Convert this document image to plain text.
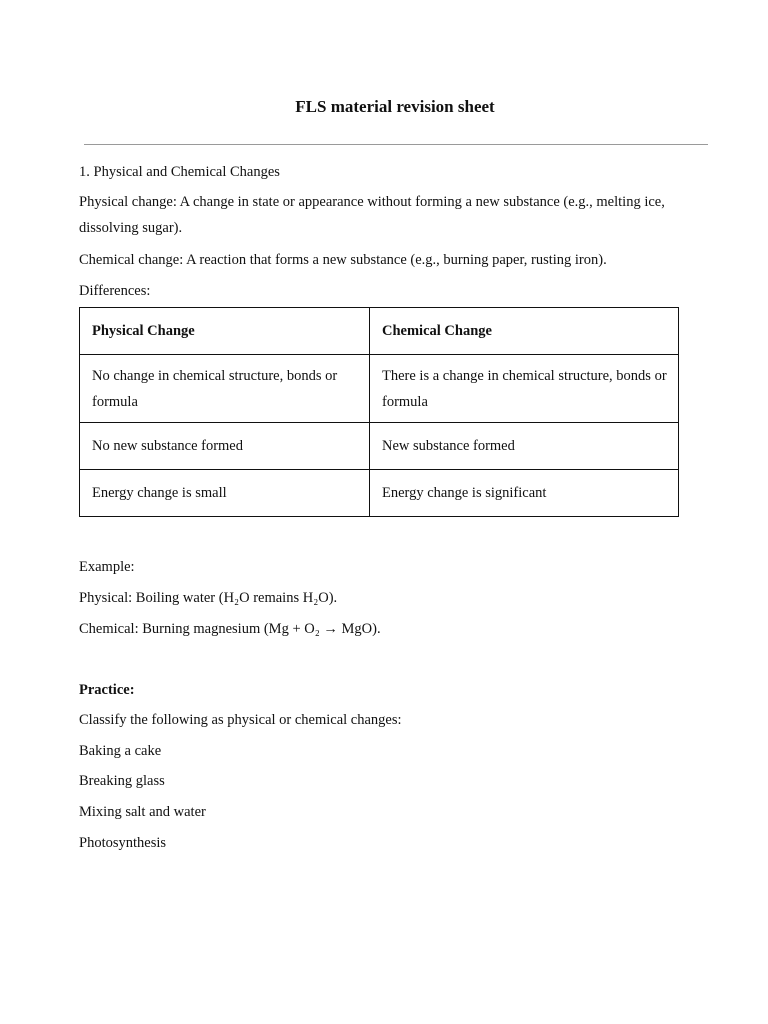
FLS material revision sheet
1. Physical and Chemical Changes
Physical change: A change in state or appearance without forming a new substance (e.g., melting ice, dissolving sugar).
Chemical change: A reaction that forms a new substance (e.g., burning paper, rusting iron).
Differences:
Physical Change	Chemical Change
No change in chemical structure, bonds or formula	There is a change in chemical structure, bonds or
formula

No new substance formed	New substance formed
Energy change is small	Energy change is significant
Example:
Physical: Boiling water (H₂O remains H₂O).
Chemical: Burning magnesium (Mg + O₂ → MgO).
Practice:
Classify the following as physical or chemical changes:
Baking a cake
Breaking glass
Mixing salt and water
Photosynthesis
